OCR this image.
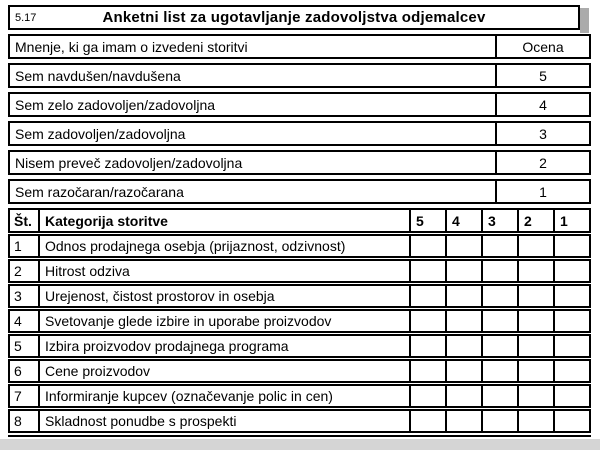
5.17	Anketni list za ugotavljanje zadovoljstva odjemalcev
Mnenje, ki ga imam o izvedeni storitvi	Ocena
Sem navdušen/navdušena	5
Sem zelo zadovoljen/zadovoljna	4
Sem zadovoljen/zadovoljna	3
Nisem preveč zadovoljen/zadovoljna	2
Sem razočaran/razočarana	1
Št. Kategorija storitve	5	4	3	2	1
1	Odnos prodajnega osebja (prijaznost, odzivnost)
2	Hitrost odziva
3	Urejenost, čistost prostorov in osebja
4	Svetovanje glede izbire in uporabe proizvodov
5	Izbira proizvodov prodajnega programa
6	Cene proizvodov
7	Informiranje kupcev (označevanje polic in cen)
8	Skladnost ponudbe s prospekti
